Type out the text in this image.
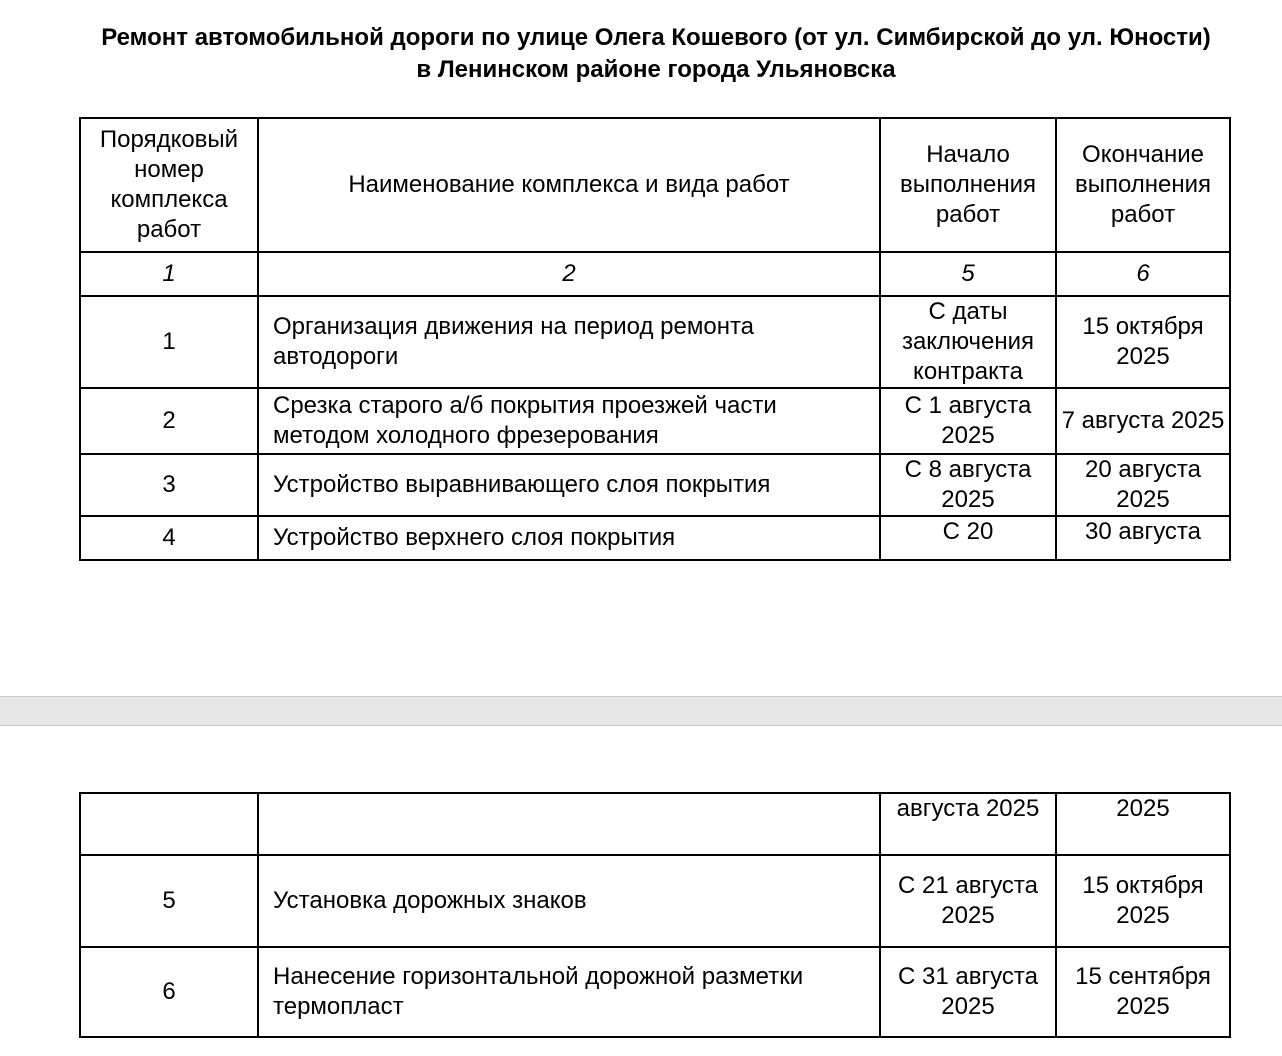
Ремонт автомобильной дороги по улице Олега Кошевого (от ул. Симбирской до ул. Юности) в Ленинском районе города Ульяновска
Порядковый номер комплекса работ	Наименование комплекса и вида работ	Начало выполнения работ	Окончание выполнения работ
1	2	5	6
1	Организация движения на период ремонта автодороги	С даты заключения контракта	15 октября 2025
2	Срезка старого а/б покрытия проезжей части методом холодного фрезерования	С 1 августа 2025	7 августа 2025
3	Устройство выравнивающего слоя покрытия	С 8 августа 2025	20 августа 2025
4	Устройство верхнего слоя покрытия	С 20	30 августа
		августа 2025	2025
5	Установка дорожных знаков	С 21 августа 2025	15 октября 2025
6	Нанесение горизонтальной дорожной разметки термопласт	С 31 августа 2025	15 сентября 2025
